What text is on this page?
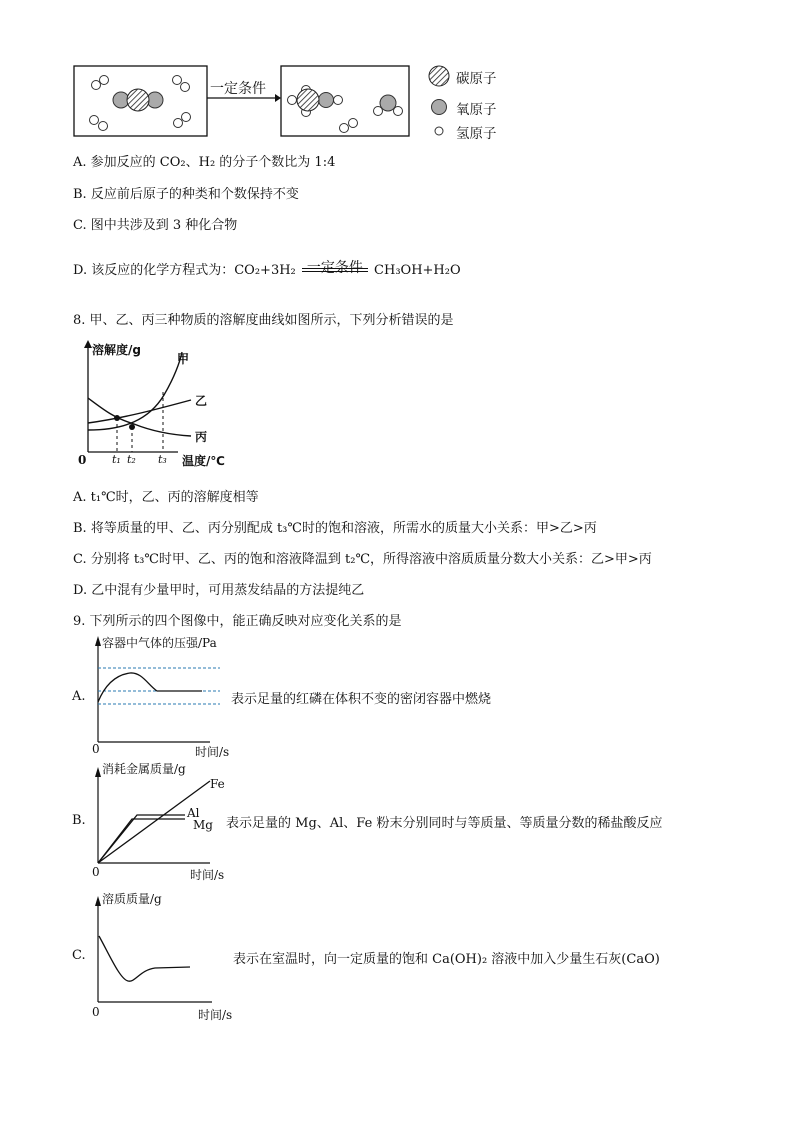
一定条件
碳原子
氧原子
氢原子
A. 参加反应的 CO₂、H₂ 的分子个数比为 1:4
B. 反应前后原子的种类和个数保持不变
C. 图中共涉及到 3 种化合物
D. 该反应的化学方程式为：CO₂+3H₂ 一定条件 CH₃OH+H₂O
8. 甲、乙、丙三种物质的溶解度曲线如图所示，下列分析错误的是
溶解度/g
温度/℃
0 t₁ t₂ t₃
甲
乙
丙
A. t₁℃时，乙、丙的溶解度相等
B. 将等质量的甲、乙、丙分别配成 t₃℃时的饱和溶液，所需水的质量大小关系：甲>乙>丙
C. 分别将 t₃℃时甲、乙、丙的饱和溶液降温到 t₂℃，所得溶液中溶质质量分数大小关系：乙>甲>丙
D. 乙中混有少量甲时，可用蒸发结晶的方法提纯乙
9. 下列所示的四个图像中，能正确反映对应变化关系的是
A.
容器中气体的压强/Pa
0	时间/s
表示足量的红磷在体积不变的密闭容器中燃烧
B.
消耗金属质量/g
0	时间/s
Fe
Al
Mg 表示足量的 Mg、Al、Fe 粉末分别同时与等质量、等质量分数的稀盐酸反应
C.
溶质质量/g
0	时间/s
表示在室温时，向一定质量的饱和 Ca(OH)₂ 溶液中加入少量生石灰(CaO)
